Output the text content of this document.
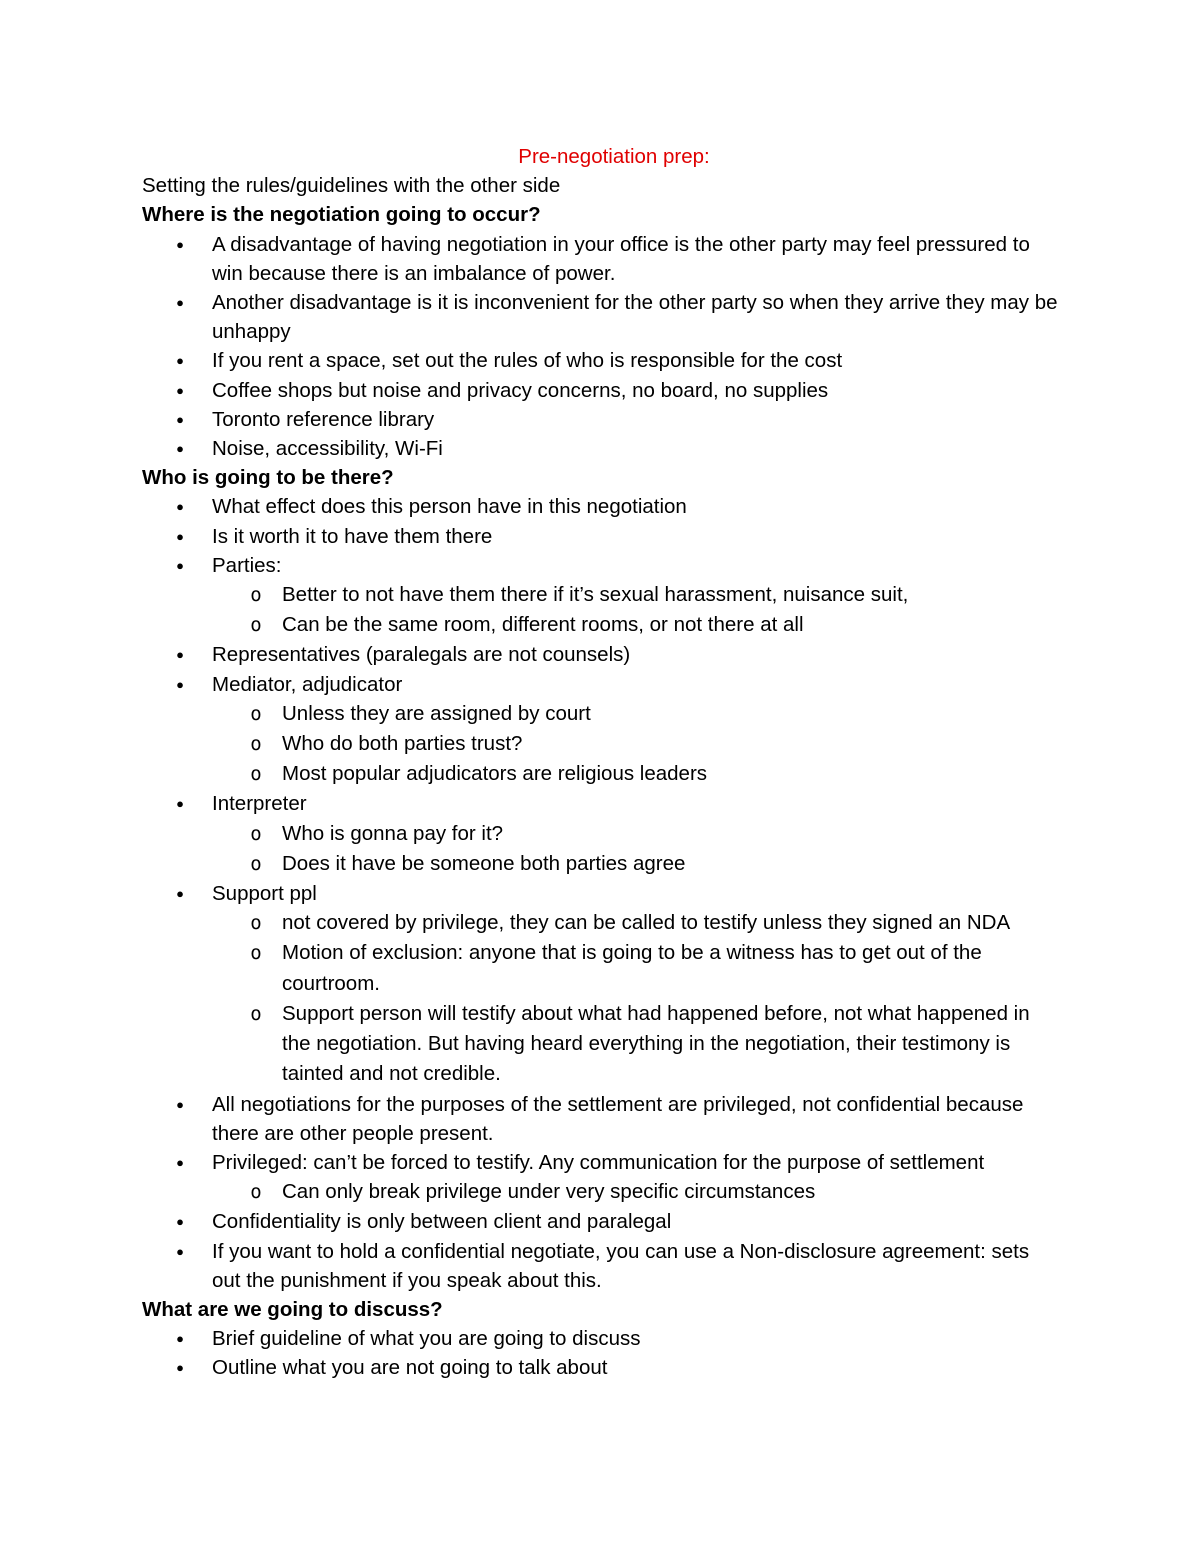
Pre-negotiation prep:

Setting the rules/guidelines with the other side

Where is the negotiation going to occur?

● A disadvantage of having negotiation in your office is the other party may feel pressured to win because there is an imbalance of power.
● Another disadvantage is it is inconvenient for the other party so when they arrive they may be unhappy
● If you rent a space, set out the rules of who is responsible for the cost
● Coffee shops but noise and privacy concerns, no board, no supplies
● Toronto reference library
● Noise, accessibility, Wi-Fi

Who is going to be there?

● What effect does this person have in this negotiation
● Is it worth it to have them there
● Parties:
o Better to not have them there if it’s sexual harassment, nuisance suit,
o Can be the same room, different rooms, or not there at all
● Representatives (paralegals are not counsels)
● Mediator, adjudicator
o Unless they are assigned by court
o Who do both parties trust?
o Most popular adjudicators are religious leaders
● Interpreter
o Who is gonna pay for it?
o Does it have be someone both parties agree
● Support ppl
o not covered by privilege, they can be called to testify unless they signed an NDA
o Motion of exclusion: anyone that is going to be a witness has to get out of the courtroom.
o Support person will testify about what had happened before, not what happened in the negotiation. But having heard everything in the negotiation, their testimony is tainted and not credible.
● All negotiations for the purposes of the settlement are privileged, not confidential because there are other people present.
● Privileged: can’t be forced to testify. Any communication for the purpose of settlement
o Can only break privilege under very specific circumstances
● Confidentiality is only between client and paralegal
● If you want to hold a confidential negotiate, you can use a Non-disclosure agreement: sets out the punishment if you speak about this.

What are we going to discuss?

● Brief guideline of what you are going to discuss
● Outline what you are not going to talk about
